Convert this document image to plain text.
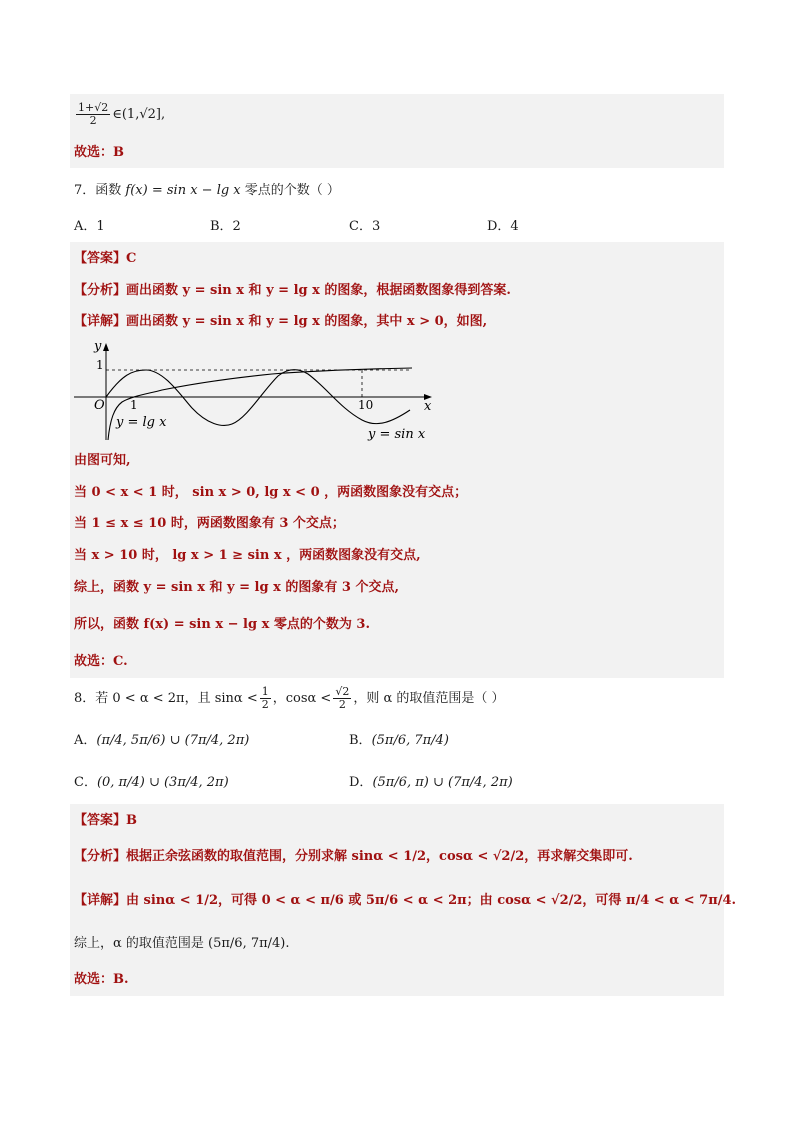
$\frac{1+√2}{2}$ ∈(1,√2],
故选：B
7．函数 f(x) = sin x − lg x 零点的个数（ ）
A．1	B．2	C．3	D．4
【答案】C
【分析】画出函数 y = sin x 和 y = lg x 的图象，根据函数图象得到答案.
【详解】画出函数 y = sin x 和 y = lg x 的图象，其中 x > 0，如图,
y
x
O 1	10
1
y = lg x
y = sin x
由图可知,
当 0 < x < 1 时， sin x > 0, lg x < 0 ，两函数图象没有交点；
当 1 ≤ x ≤ 10 时，两函数图象有 3 个交点；
当 x > 10 时， lg x > 1 ≥ sin x ，两函数图象没有交点,
综上，函数 y = sin x 和 y = lg x 的图象有 3 个交点,
所以，函数 f(x) = sin x − lg x 零点的个数为 3.
故选：C.
8．若 0 < α < 2π，且 $\sin\alpha < \frac{1}{2}$ ，$\cos\alpha < \frac{√2}{2}$ ，则 α 的取值范围是（ ）
A．(π/4, 5π/6) ∪ (7π/4, 2π)	B．(5π/6, 7π/4)
C．(0, π/4) ∪ (3π/4, 2π)	D．(5π/6, π) ∪ (7π/4, 2π)
【答案】B
【分析】根据正余弦函数的取值范围，分别求解 sinα < 1/2，cosα < √2/2，再求解交集即可.
【详解】由 sinα < 1/2，可得 0 < α < π/6 或 5π/6 < α < 2π；由 cosα < √2/2，可得 π/4 < α < 7π/4.
综上，α 的取值范围是 (5π/6, 7π/4).
故选：B.
